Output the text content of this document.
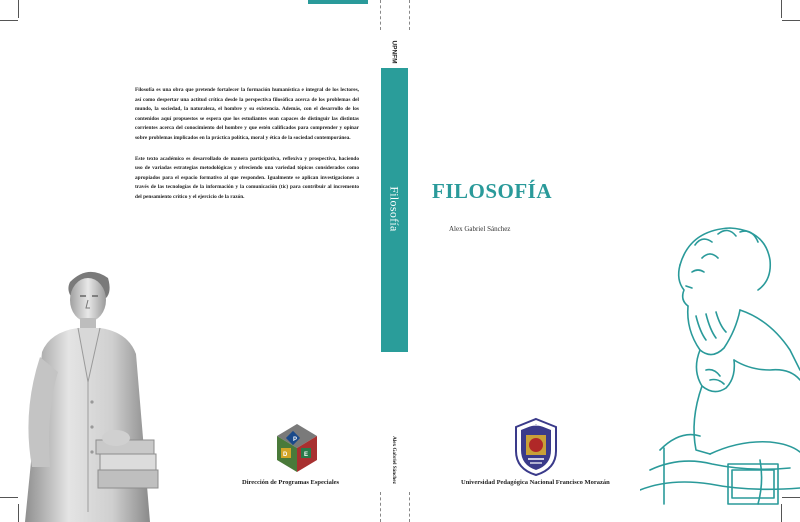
Filosofía es una obra que pretende fortalecer la formación humanística e integral de los lectores, así como despertar una actitud crítica desde la perspectiva filosófica acerca de los problemas del mundo, la sociedad, la naturaleza, el hombre y su existencia. Además, con el desarrollo de los contenidos aquí propuestos se espera que los estudiantes sean capaces de distinguir las distintas corrientes acerca del conocimiento del hombre y que estén calificados para comprender y opinar sobre problemas implicados en la práctica política, moral y ética de la sociedad contemporánea.

Este texto académico es desarrollado de manera participativa, reflexiva y prospectiva, haciendo uso de variadas estrategias metodológicas y ofreciendo una variedad tópicos considerados como apropiados para el espacio formativo al que responden. Igualmente se aplican investigaciones a través de las tecnologías de la información y la comunicación (tic) para contribuir al incremento del pensamiento crítico y el ejercicio de la razón.

P
D	E
Dirección de Programas Especiales
UPNFM
Filosofía
Alex Gabriel Sánchez
FILOSOFÍA
Alex Gabriel Sánchez
Universidad Pedagógica Nacional Francisco Morazán
